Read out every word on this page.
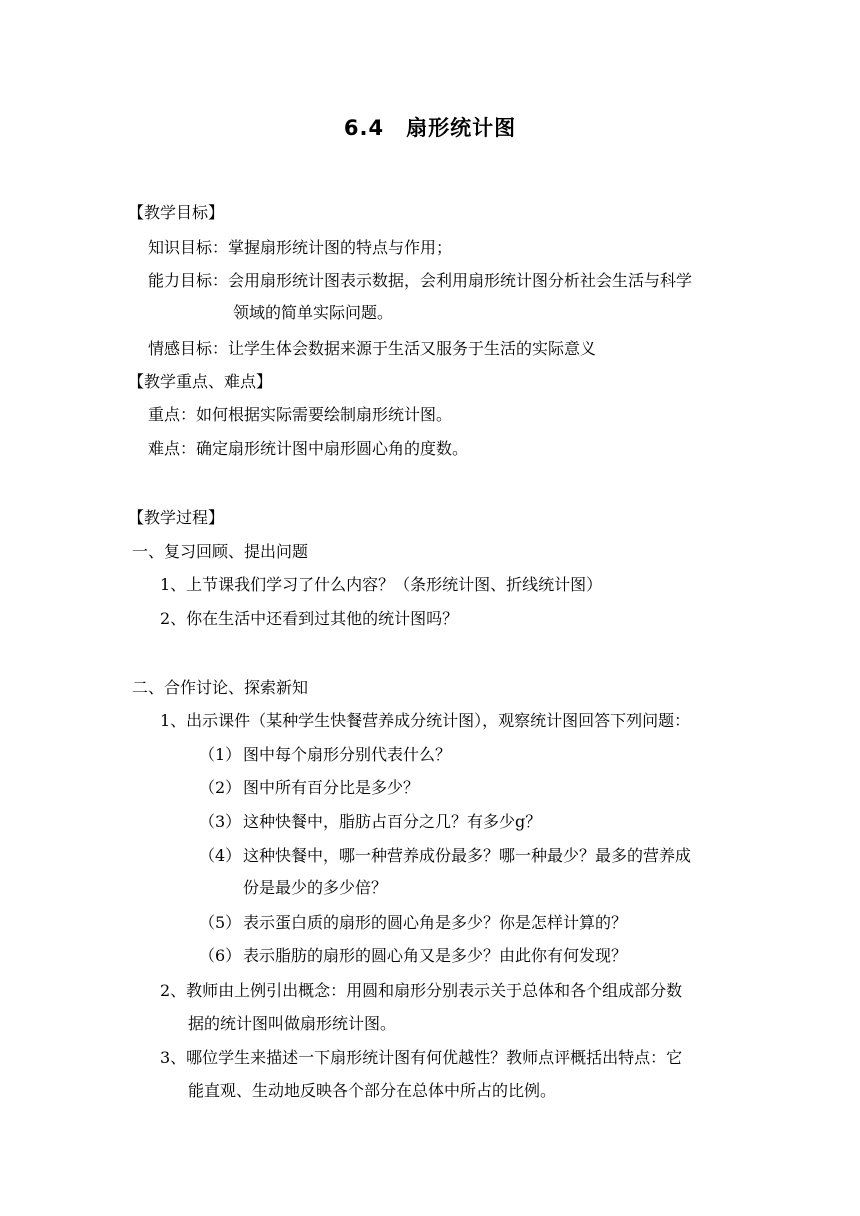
6.4 扇形统计图
【教学目标】
知识目标：掌握扇形统计图的特点与作用；
能力目标：会用扇形统计图表示数据，会利用扇形统计图分析社会生活与科学
领域的简单实际问题。
情感目标：让学生体会数据来源于生活又服务于生活的实际意义
【教学重点、难点】
重点：如何根据实际需要绘制扇形统计图。
难点：确定扇形统计图中扇形圆心角的度数。
【教学过程】
一、复习回顾、提出问题
1、上节课我们学习了什么内容？（条形统计图、折线统计图）
2、你在生活中还看到过其他的统计图吗？
二、合作讨论、探索新知
1、出示课件（某种学生快餐营养成分统计图），观察统计图回答下列问题：
（1） 图中每个扇形分别代表什么？
（2） 图中所有百分比是多少？
（3） 这种快餐中，脂肪占百分之几？有多少g？
（4） 这种快餐中，哪一种营养成份最多？哪一种最少？最多的营养成
份是最少的多少倍？
（5） 表示蛋白质的扇形的圆心角是多少？你是怎样计算的？
（6） 表示脂肪的扇形的圆心角又是多少？由此你有何发现？
2、教师由上例引出概念：用圆和扇形分别表示关于总体和各个组成部分数
据的统计图叫做扇形统计图。
3、哪位学生来描述一下扇形统计图有何优越性？教师点评概括出特点：它
能直观、生动地反映各个部分在总体中所占的比例。
